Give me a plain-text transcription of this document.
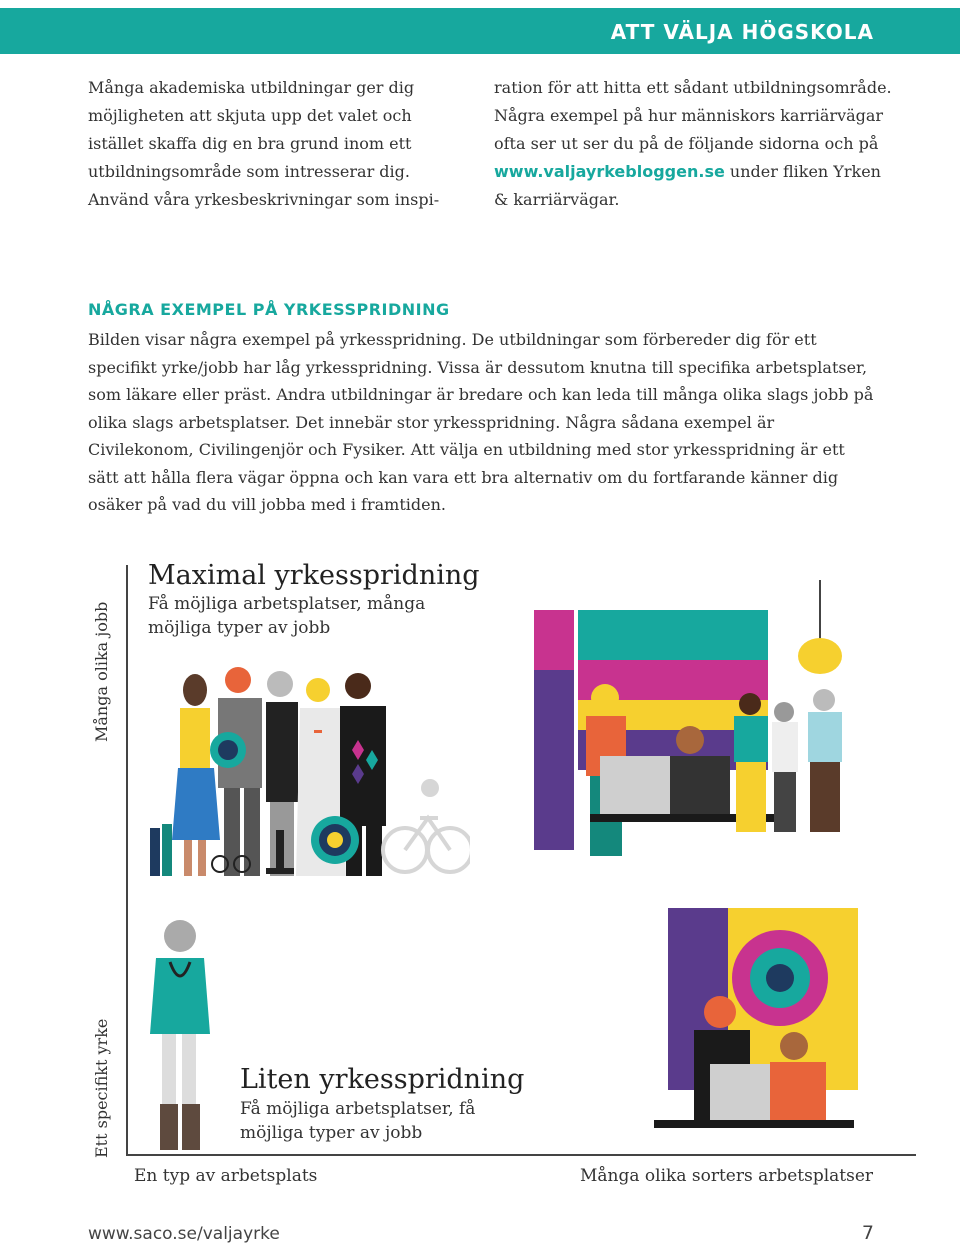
ATT VÄLJA HÖGSKOLA
Många akademiska utbildningar ger dig möjligheten att skjuta upp det valet och istället skaffa dig en bra grund inom ett utbildningsområde som intresserar dig. Använd våra yrkesbeskrivningar som inspi-
ration för att hitta ett sådant utbildningsområde. Några exempel på hur människors karriärvägar ofta ser ut ser du på de följande sidorna och på www.valjayrkebloggen.se under fliken Yrken & karriärvägar.
NÅGRA EXEMPEL PÅ YRKESSPRIDNING
Bilden visar några exempel på yrkesspridning. De utbildningar som förbereder dig för ett specifikt yrke/jobb har låg yrkesspridning. Vissa är dessutom knutna till specifika arbetsplatser, som läkare eller präst. Andra utbildningar är bredare och kan leda till många olika slags jobb på olika slags arbetsplatser. Det innebär stor yrkesspridning. Några sådana exempel är Civilekonom, Civilingenjör och Fysiker. Att välja en utbildning med stor yrkesspridning är ett sätt att hålla flera vägar öppna och kan vara ett bra alternativ om du fortfarande känner dig osäker på vad du vill jobba med i framtiden.
Många olika jobb
Ett specifikt yrke
En typ av arbetsplats	Många olika sorters arbetsplatser
Maximal yrkesspridning
Få möjliga arbetsplatser, många möjliga typer av jobb
Liten yrkesspridning
Få möjliga arbetsplatser, få möjliga typer av jobb
www.saco.se/valjayrke	7
